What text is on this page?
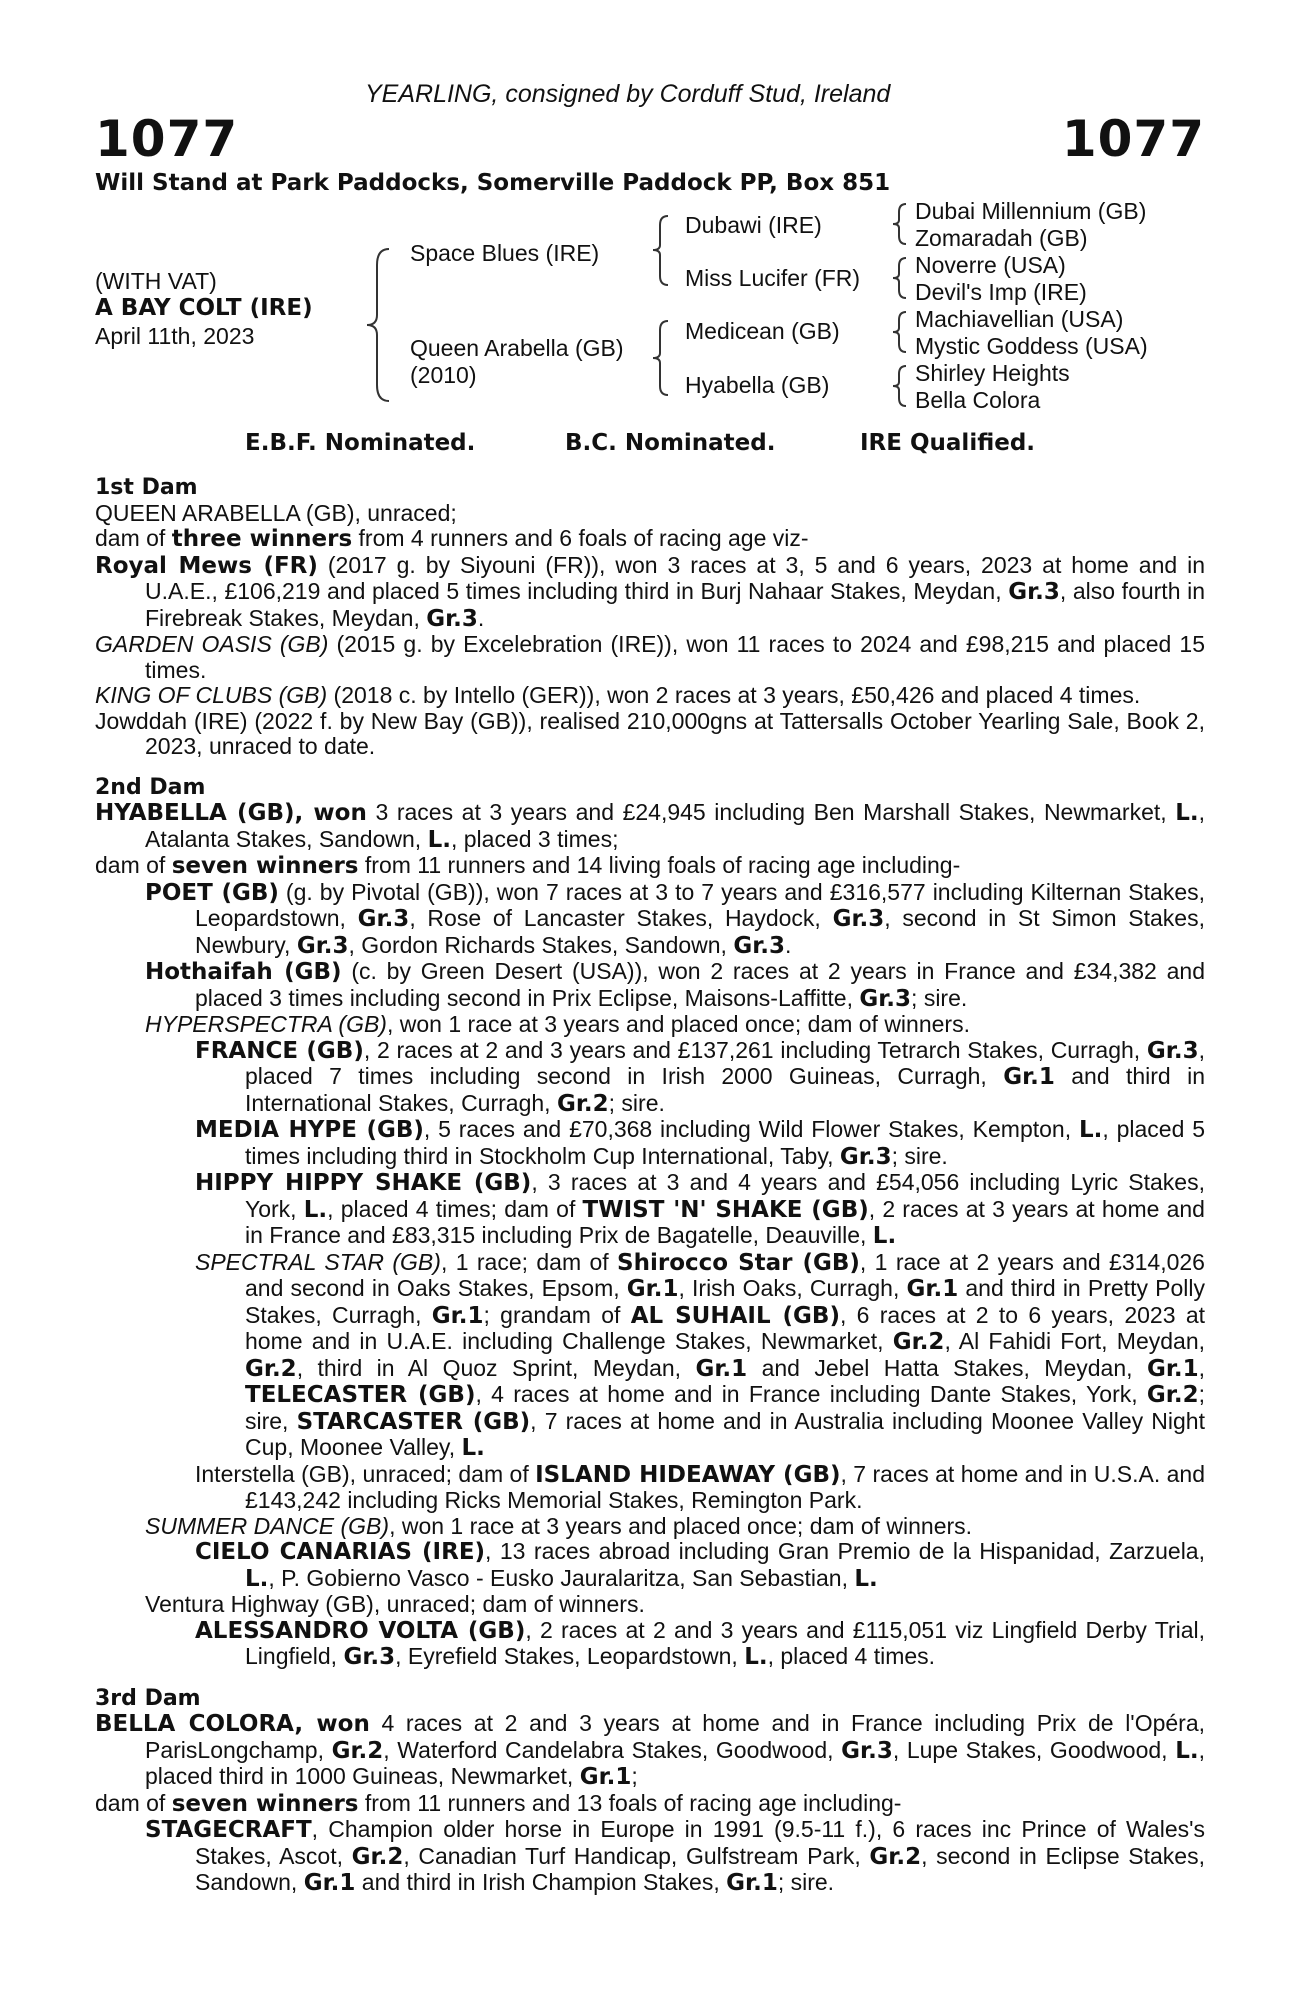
YEARLING, consigned by Corduff Stud, Ireland
1077	1077
Will Stand at Park Paddocks, Somerville Paddock PP, Box 851
(WITH VAT)
A BAY COLT (IRE)
April 11th, 2023
Space Blues (IRE)
Queen Arabella (GB)
(2010)
Dubawi (IRE)
Miss Lucifer (FR)
Medicean (GB)
Hyabella (GB)
Dubai Millennium (GB)
Zomaradah (GB)
Noverre (USA)
Devil's Imp (IRE)
Machiavellian (USA)
Mystic Goddess (USA)
Shirley Heights
Bella Colora
E.B.F. Nominated.	B.C. Nominated.	IRE Qualified.

1st Dam

QUEEN ARABELLA (GB), unraced;

dam of three winners from 4 runners and 6 foals of racing age viz-

Royal Mews (FR) (2017 g. by Siyouni (FR)), won 3 races at 3, 5 and 6 years, 2023 at home and in U.A.E., £106,219 and placed 5 times including third in Burj Nahaar Stakes, Meydan, Gr.3, also fourth in Firebreak Stakes, Meydan, Gr.3.

GARDEN OASIS (GB) (2015 g. by Excelebration (IRE)), won 11 races to 2024 and £98,215 and placed 15 times.

KING OF CLUBS (GB) (2018 c. by Intello (GER)), won 2 races at 3 years, £50,426 and placed 4 times.

Jowddah (IRE) (2022 f. by New Bay (GB)), realised 210,000gns at Tattersalls October Yearling Sale, Book 2, 2023, unraced to date.

2nd Dam

HYABELLA (GB), won 3 races at 3 years and £24,945 including Ben Marshall Stakes, Newmarket, L., Atalanta Stakes, Sandown, L., placed 3 times;

dam of seven winners from 11 runners and 14 living foals of racing age including-

POET (GB) (g. by Pivotal (GB)), won 7 races at 3 to 7 years and £316,577 including Kilternan Stakes, Leopardstown, Gr.3, Rose of Lancaster Stakes, Haydock, Gr.3, second in St Simon Stakes, Newbury, Gr.3, Gordon Richards Stakes, Sandown, Gr.3.

Hothaifah (GB) (c. by Green Desert (USA)), won 2 races at 2 years in France and £34,382 and placed 3 times including second in Prix Eclipse, Maisons-Laffitte, Gr.3; sire.

HYPERSPECTRA (GB), won 1 race at 3 years and placed once; dam of winners.

FRANCE (GB), 2 races at 2 and 3 years and £137,261 including Tetrarch Stakes, Curragh, Gr.3, placed 7 times including second in Irish 2000 Guineas, Curragh, Gr.1 and third in International Stakes, Curragh, Gr.2; sire.

MEDIA HYPE (GB), 5 races and £70,368 including Wild Flower Stakes, Kempton, L., placed 5 times including third in Stockholm Cup International, Taby, Gr.3; sire.

HIPPY HIPPY SHAKE (GB), 3 races at 3 and 4 years and £54,056 including Lyric Stakes, York, L., placed 4 times; dam of TWIST 'N' SHAKE (GB), 2 races at 3 years at home and in France and £83,315 including Prix de Bagatelle, Deauville, L.

SPECTRAL STAR (GB), 1 race; dam of Shirocco Star (GB), 1 race at 2 years and £314,026 and second in Oaks Stakes, Epsom, Gr.1, Irish Oaks, Curragh, Gr.1 and third in Pretty Polly Stakes, Curragh, Gr.1; grandam of AL SUHAIL (GB), 6 races at 2 to 6 years, 2023 at home and in U.A.E. including Challenge Stakes, Newmarket, Gr.2, Al Fahidi Fort, Meydan, Gr.2, third in Al Quoz Sprint, Meydan, Gr.1 and Jebel Hatta Stakes, Meydan, Gr.1, TELECASTER (GB), 4 races at home and in France including Dante Stakes, York, Gr.2; sire, STARCASTER (GB), 7 races at home and in Australia including Moonee Valley Night Cup, Moonee Valley, L.

Interstella (GB), unraced; dam of ISLAND HIDEAWAY (GB), 7 races at home and in U.S.A. and £143,242 including Ricks Memorial Stakes, Remington Park.

SUMMER DANCE (GB), won 1 race at 3 years and placed once; dam of winners.

CIELO CANARIAS (IRE), 13 races abroad including Gran Premio de la Hispanidad, Zarzuela, L., P. Gobierno Vasco - Eusko Jauralaritza, San Sebastian, L.

Ventura Highway (GB), unraced; dam of winners.

ALESSANDRO VOLTA (GB), 2 races at 2 and 3 years and £115,051 viz Lingfield Derby Trial, Lingfield, Gr.3, Eyrefield Stakes, Leopardstown, L., placed 4 times.

3rd Dam

BELLA COLORA, won 4 races at 2 and 3 years at home and in France including Prix de l'Opéra, ParisLongchamp, Gr.2, Waterford Candelabra Stakes, Goodwood, Gr.3, Lupe Stakes, Goodwood, L., placed third in 1000 Guineas, Newmarket, Gr.1;

dam of seven winners from 11 runners and 13 foals of racing age including-

STAGECRAFT, Champion older horse in Europe in 1991 (9.5-11 f.), 6 races inc Prince of Wales's Stakes, Ascot, Gr.2, Canadian Turf Handicap, Gulfstream Park, Gr.2, second in Eclipse Stakes, Sandown, Gr.1 and third in Irish Champion Stakes, Gr.1; sire.
